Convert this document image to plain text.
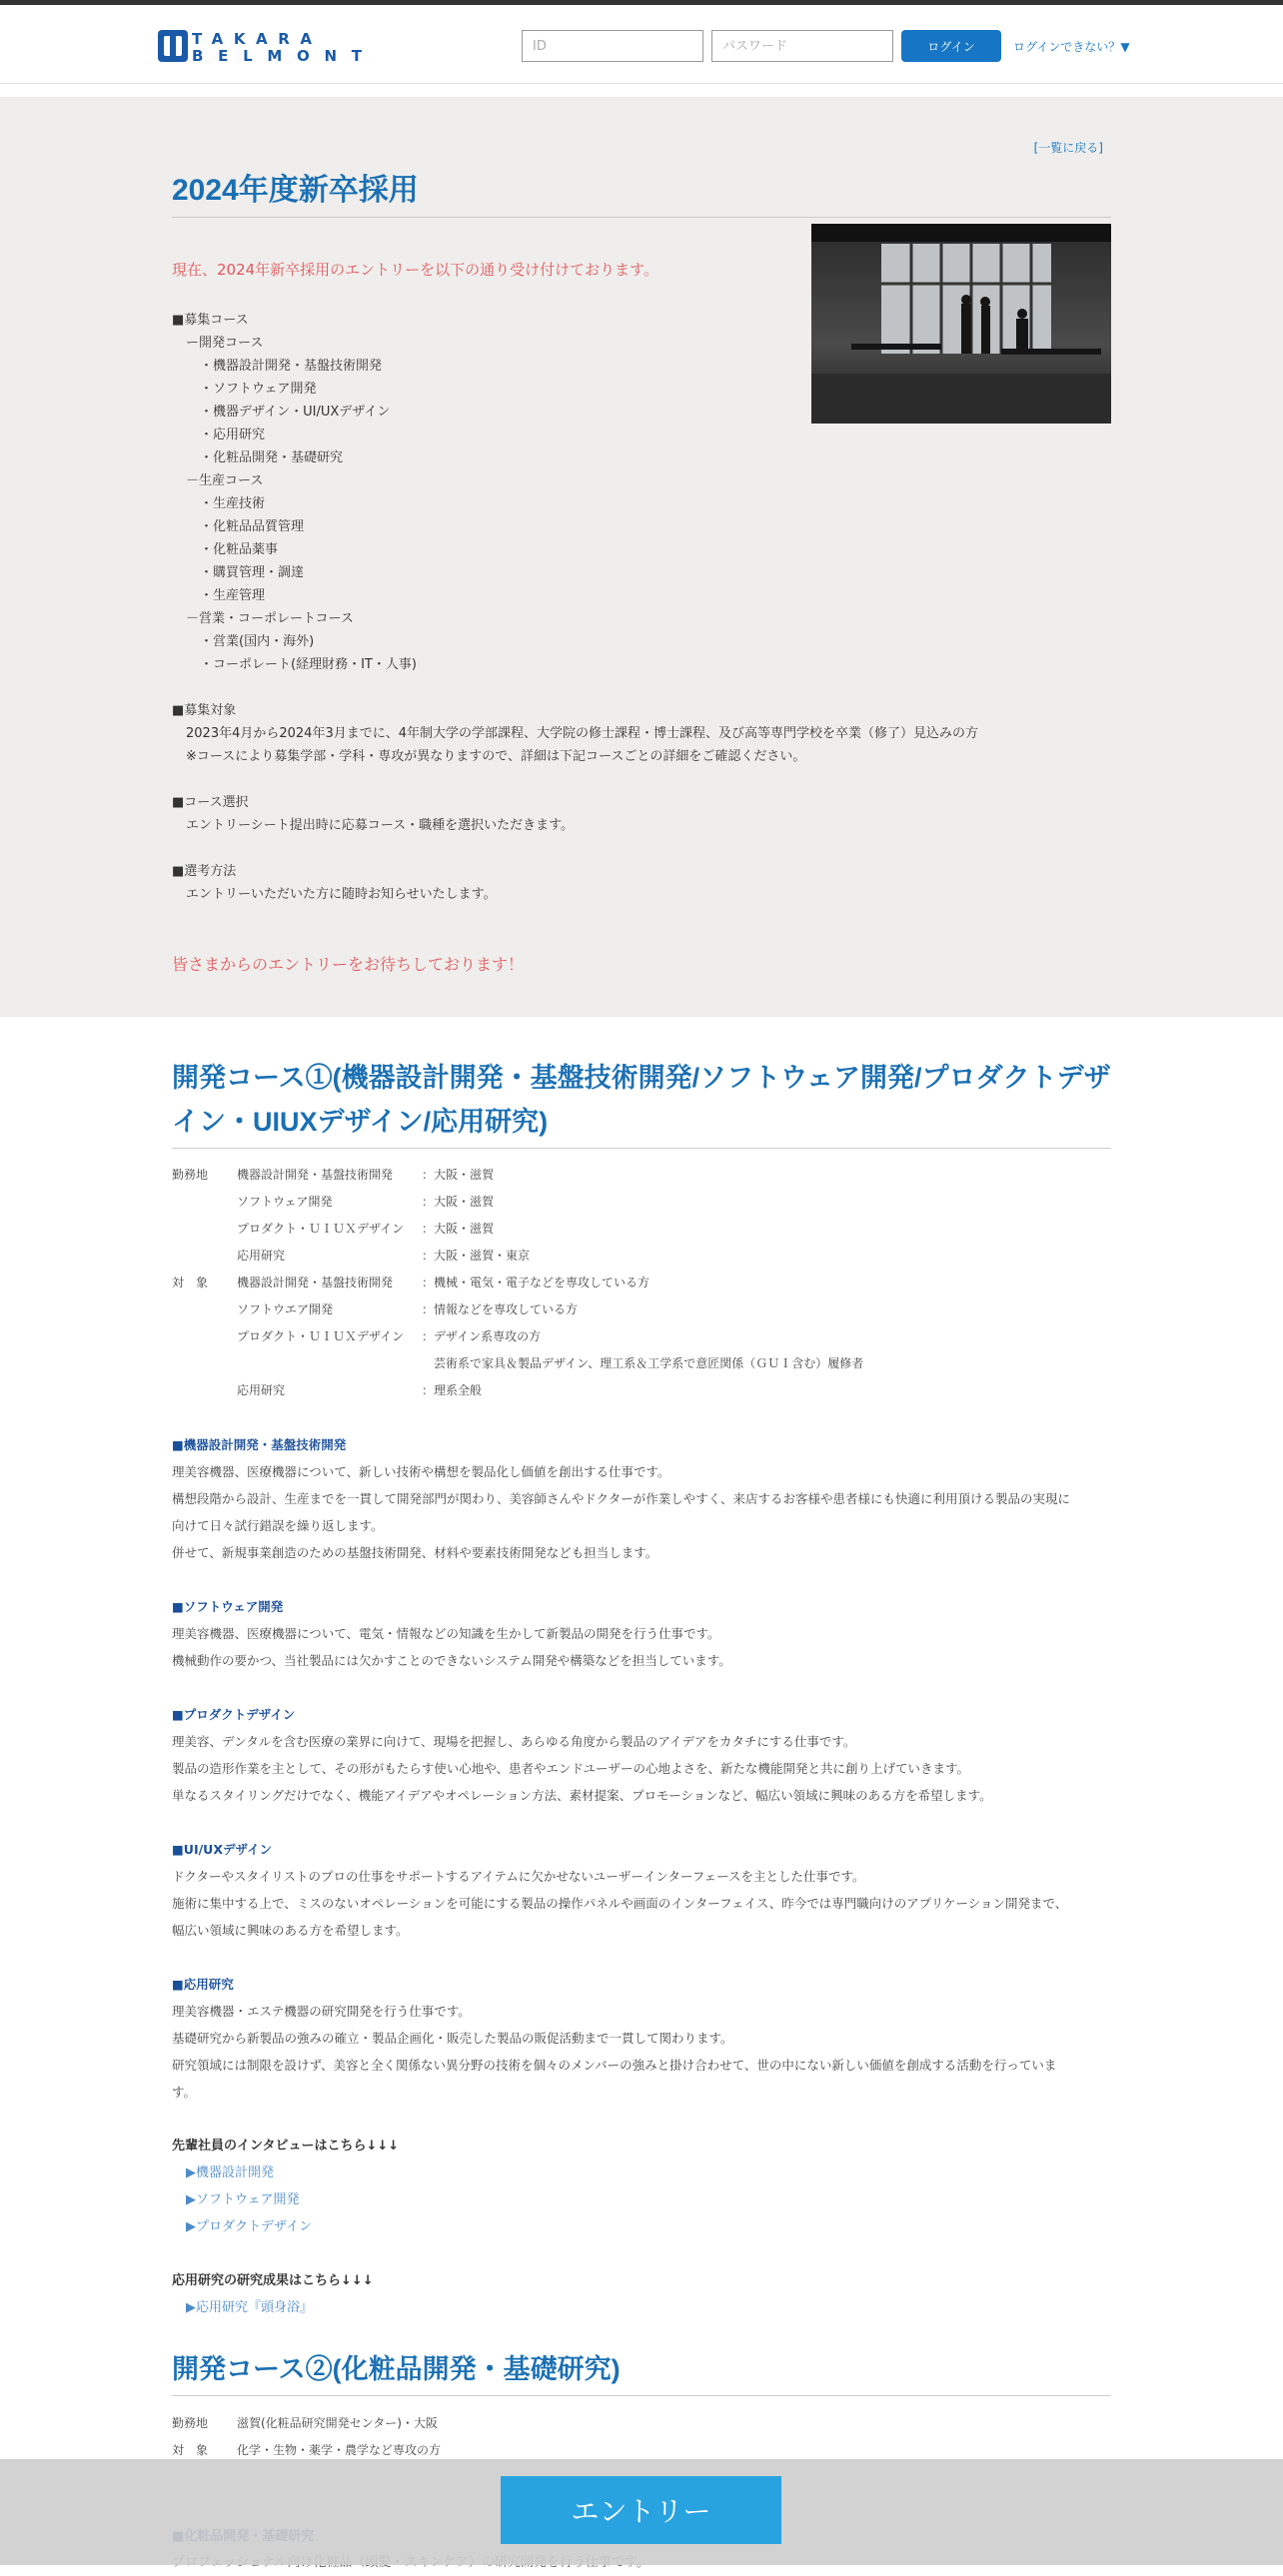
TAKARA
BELMONT
ID
ログイン	ログインできない？▼
[一覧に戻る]
2024年度新卒採用
現在、2024年新卒採用のエントリーを以下の通り受け付けております。
■募集コース
ー開発コース
・機器設計開発・基盤技術開発
・ソフトウェア開発
・機器デザイン・UI/UXデザイン
・応用研究
・化粧品開発・基礎研究
－生産コース
・生産技術
・化粧品品質管理
・化粧品薬事
・購買管理・調達
・生産管理
－営業・コーポレートコース
・営業(国内・海外)
・コーポレート(経理財務・IT・人事)
■募集対象
2023年4月から2024年3月までに、4年制大学の学部課程、大学院の修士課程・博士課程、及び高等専門学校を卒業（修了）見込みの方
※コースにより募集学部・学科・専攻が異なりますので、詳細は下記コースごとの詳細をご確認ください。
■コース選択
エントリーシート提出時に応募コース・職種を選択いただきます。
■選考方法
エントリーいただいた方に随時お知らせいたします。
皆さまからのエントリーをお待ちしております！
開発コース①(機器設計開発・基盤技術開発/ソフトウェア開発/プロダクトデザイン・UIUXデザイン/応用研究)
勤務地 機器設計開発・基盤技術開発 ：大阪・滋賀
ソフトウェア開発	：大阪・滋賀
プロダクト・ＵＩＵＸデザイン ：大阪・滋賀
応用研究	：大阪・滋賀・東京
対　象 機器設計開発・基盤技術開発 ：機械・電気・電子などを専攻している方
ソフトウエア開発	：情報などを専攻している方
プロダクト・ＵＩＵＸデザイン ：デザイン系専攻の方
　芸術系で家具＆製品デザイン、理工系＆工学系で意匠関係（ＧＵＩ含む）履修者
応用研究	：理系全般
■機器設計開発・基盤技術開発
理美容機器、医療機器について、新しい技術や構想を製品化し価値を創出する仕事です。
構想段階から設計、生産までを一貫して開発部門が関わり、美容師さんやドクターが作業しやすく、来店するお客様や患者様にも快適に利用頂ける製品の実現に
向けて日々試行錯誤を繰り返します。
併せて、新規事業創造のための基盤技術開発、材料や要素技術開発なども担当します。
■ソフトウェア開発
理美容機器、医療機器について、電気・情報などの知識を生かして新製品の開発を行う仕事です。
機械動作の要かつ、当社製品には欠かすことのできないシステム開発や構築などを担当しています。
■プロダクトデザイン
理美容、デンタルを含む医療の業界に向けて、現場を把握し、あらゆる角度から製品のアイデアをカタチにする仕事です。
製品の造形作業を主として、その形がもたらす使い心地や、患者やエンドユーザーの心地よさを、新たな機能開発と共に創り上げていきます。
単なるスタイリングだけでなく、機能アイデアやオペレーション方法、素材提案、プロモーションなど、幅広い領域に興味のある方を希望します。
■UI/UXデザイン
ドクターやスタイリストのプロの仕事をサポートするアイテムに欠かせないユーザーインターフェースを主とした仕事です。
施術に集中する上で、ミスのないオペレーションを可能にする製品の操作パネルや画面のインターフェイス、昨今では専門職向けのアプリケーション開発まで、
幅広い領域に興味のある方を希望します。
■応用研究
理美容機器・エステ機器の研究開発を行う仕事です。
基礎研究から新製品の強みの確立・製品企画化・販売した製品の販促活動まで一貫して関わります。
研究領域には制限を設けず、美容と全く関係ない異分野の技術を個々のメンバーの強みと掛け合わせて、世の中にない新しい価値を創成する活動を行っていま
す。
先輩社員のインタビューはこちら↓↓↓
▶機器設計開発
▶ソフトウェア開発
▶プロダクトデザイン
応用研究の研究成果はこちら↓↓↓
▶応用研究『頭身浴』
開発コース②(化粧品開発・基礎研究)
勤務地 滋賀(化粧品研究開発センター)・大阪
対　象 化学・生物・薬学・農学など専攻の方
エントリー
